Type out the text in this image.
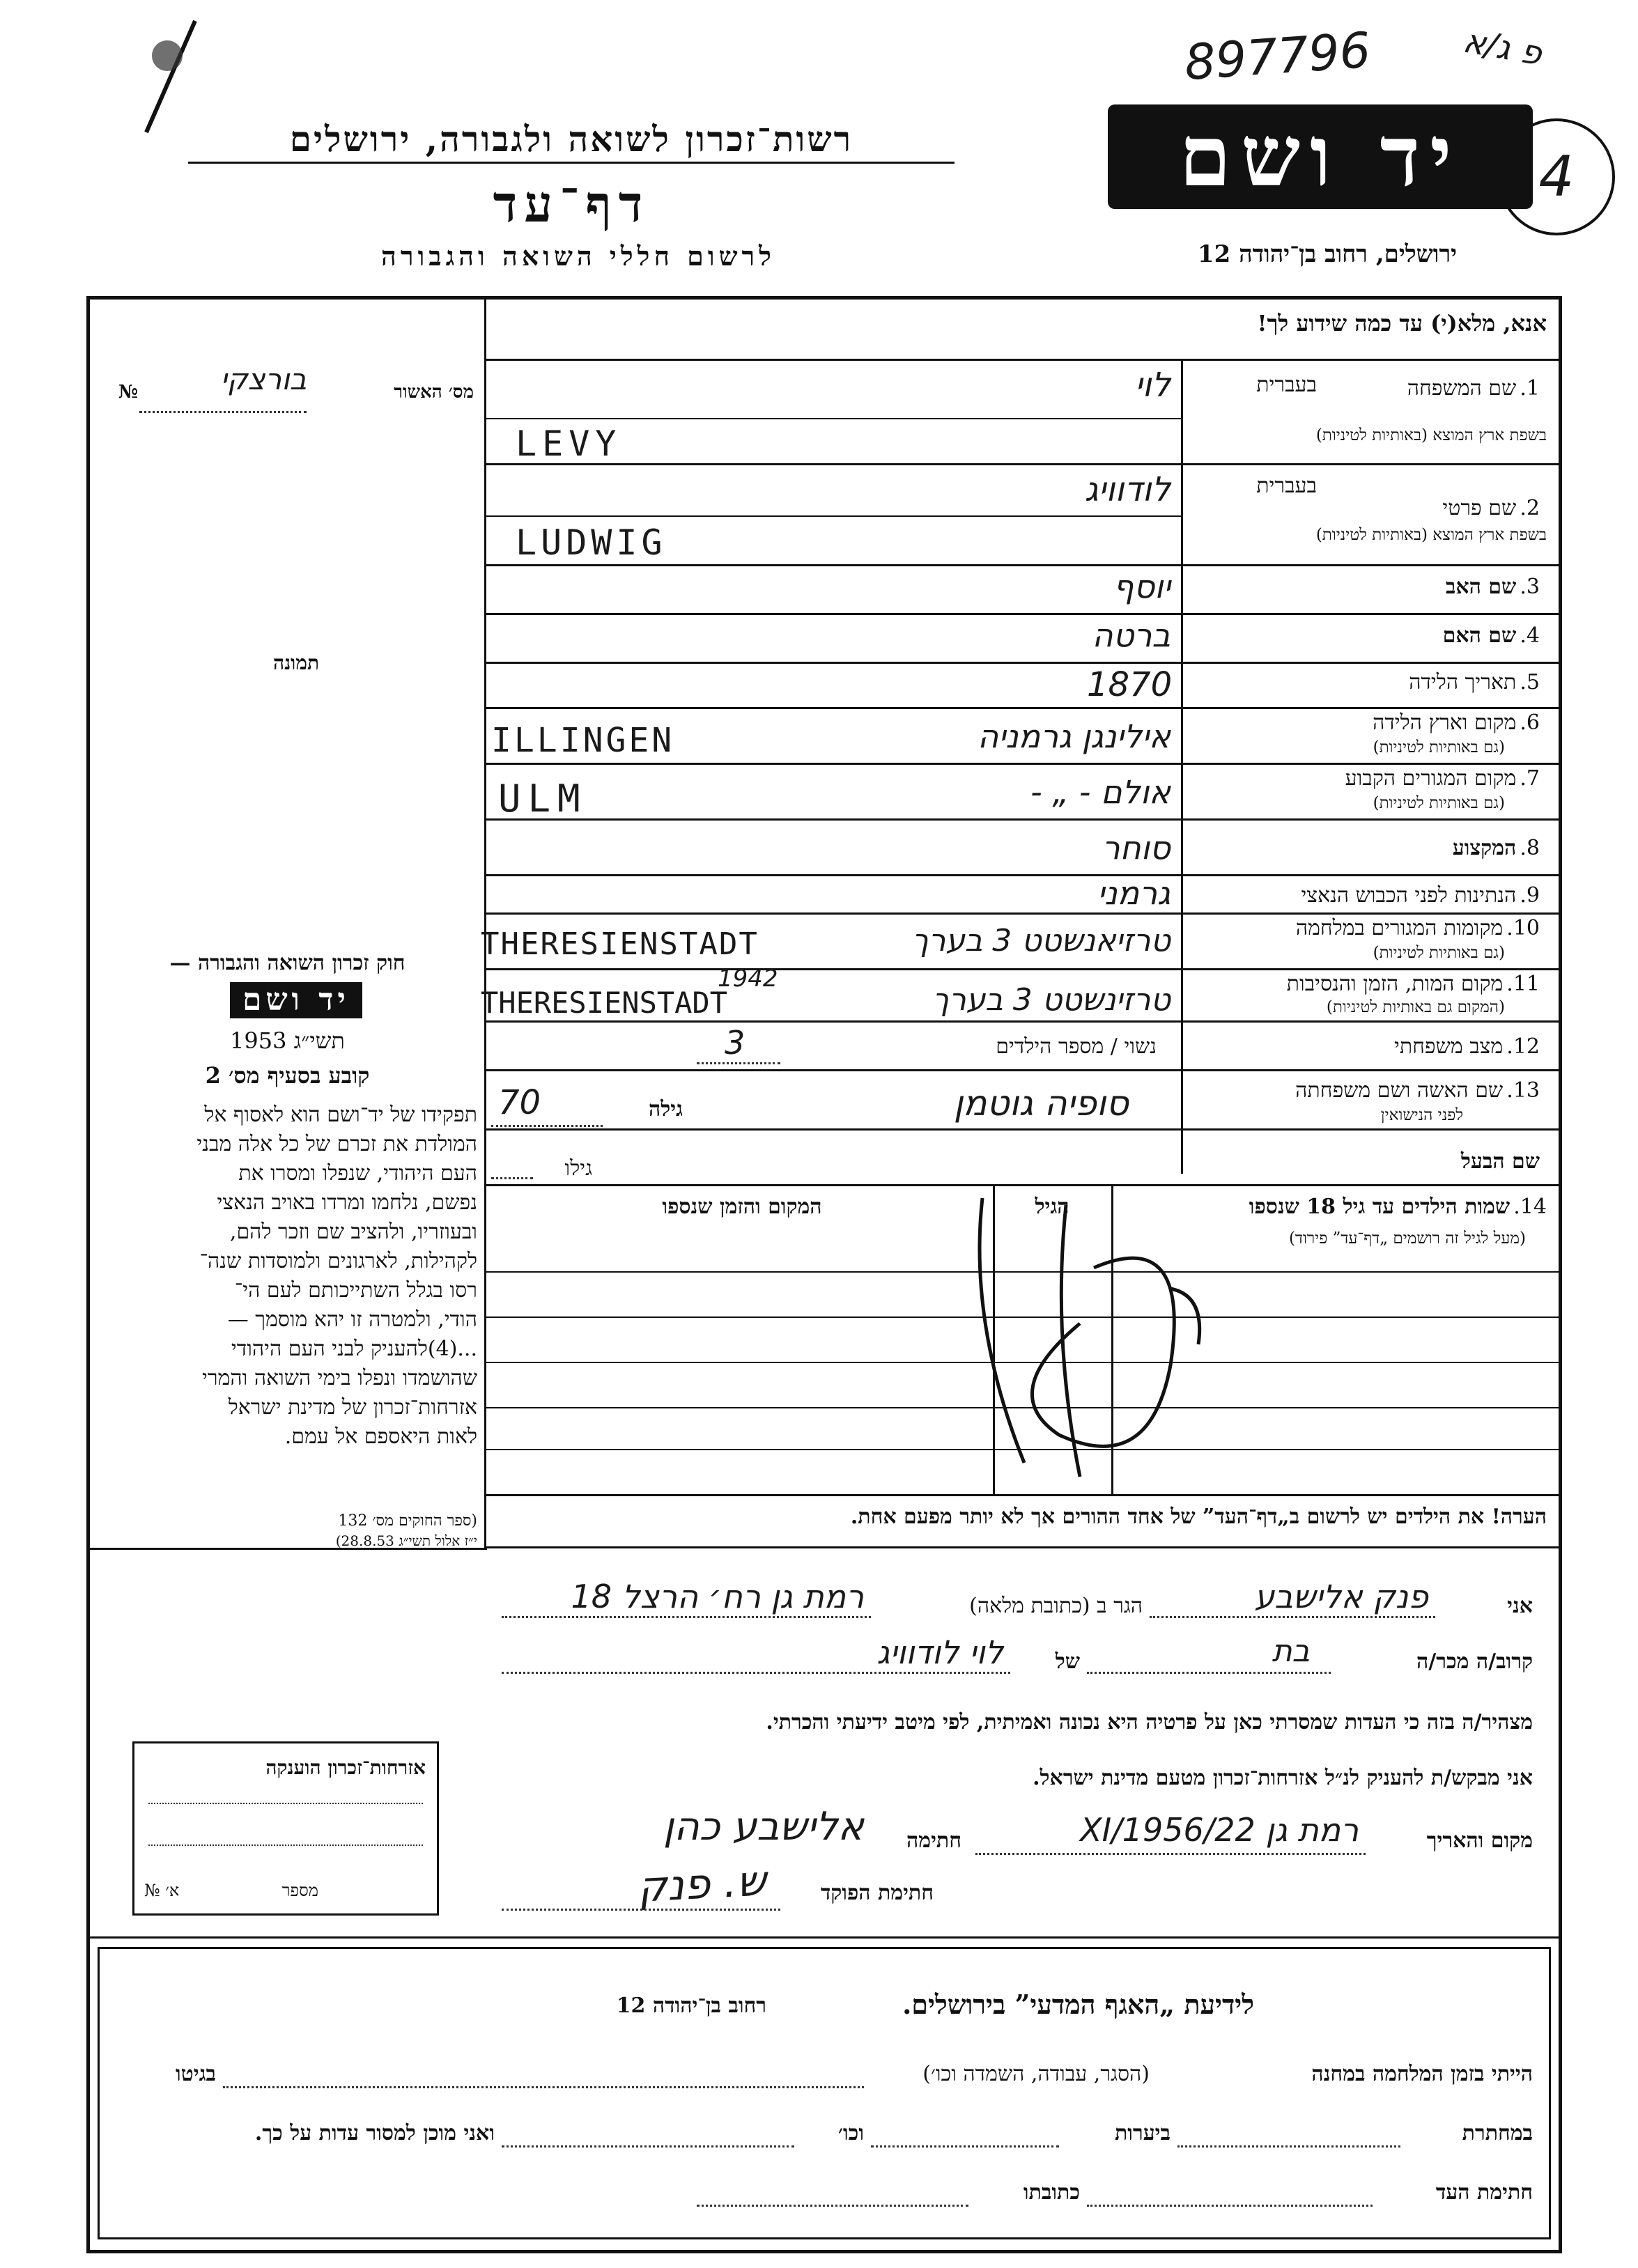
897796	פ ג/א
4
רשות־זכרון לשואה ולגבורה, ירושלים
דף־עד
לרשום חללי השואה והגבורה
יד ושם
ירושלים, רחוב בן־יהודה 12
אנא, מלא(י) עד כמה שידוע לך!
מס׳ האשור
№	בורצקי
תמונה
1. שם המשפחה
בעברית
בשפת ארץ המוצא (באותיות לטיניות)
לוי
LEVY
2. שם פרטי
בעברית
בשפת ארץ המוצא (באותיות לטיניות)
לודוויג
LUDWIG
3. שם האב
יוסף
4. שם האם
ברטה
5. תאריך הלידה
1870
6. מקום וארץ הלידה
(גם באותיות לטיניות)
אילינגן גרמניה
ILLINGEN
7. מקום המגורים הקבוע
(גם באותיות לטיניות)
אולם - „ -
ULM
8. המקצוע
סוחר
9. הנתינות לפני הכבוש הנאצי
גרמני
10. מקומות המגורים במלחמה
(גם באותיות לטיניות)
טרזיאנשטט 3 בערך
THERESIENSTADT
11. מקום המות, הזמן והנסיבות
(המקום גם באותיות לטיניות)
1942
טרזינשטט 3 בערך
THERESIENSTADT
12. מצב משפחתי
נשוי / מספר הילדים
3
13. שם האשה ושם משפחתה
לפני הנישואין
סופיה גוטמן
גילה
70
שם הבעל
גילו
14. שמות הילדים עד גיל 18 שנספו
(מעל לגיל זה רושמים „דף־עד” פירוד)
הגיל
המקום והזמן שנספו
הערה! את הילדים יש לרשום ב„דף־העד” של אחד ההורים אך לא יותר מפעם אחת.
חוק זכרון השואה והגבורה —
יד ושם
תשי״ג 1953
קובע בסעיף מס׳ 2
תפקידו של יד־ושם הוא לאסוף אל
המולדת את זכרם של כל אלה מבני
העם היהודי, שנפלו ומסרו את
נפשם, נלחמו ומרדו באויב הנאצי
ובעוזריו, ולהציב שם וזכר להם,
לקהילות, לארגונים ולמוסדות שנה־
רסו בגלל השתייכותם לעם הי־
הודי, ולמטרה זו יהא מוסמך —
...(4)להעניק לבני העם היהודי
שהושמדו ונפלו בימי השואה והמרי
אזרחות־זכרון של מדינת ישראל
לאות היאספם אל עמם.
(ספר החוקים מס׳ 132
י״ז אלול תשי״ג 28.8.53)
אני
פנק אלישבע
הגר ב (כתובת מלאה)
רמת גן רח׳ הרצל 18
קרוב/ה מכר/ה
בת
של
לוי לודוויג
מצהיר/ה בזה כי העדות שמסרתי כאן על פרטיה היא נכונה ואמיתית, לפי מיטב ידיעתי והכרתי.
אני מבקש/ת להעניק לנ״ל אזרחות־זכרון מטעם מדינת ישראל.
מקום והאריך
רמת גן 22/XI/1956
חתימה
אלישבע כהן
חתימת הפוקד
ש. פנק
אזרחות־זכרון הוענקה
מספר
№ א׳
לידיעת „האגף המדעי” בירושלים.
רחוב בן־יהודה 12
הייתי בזמן המלחמה במחנה
(הסגר, עבודה, השמדה וכו׳)
בגיטו
במחתרת
ביערות
וכו׳
ואני מוכן למסור עדות על כך.
חתימת העד
כתובתו
